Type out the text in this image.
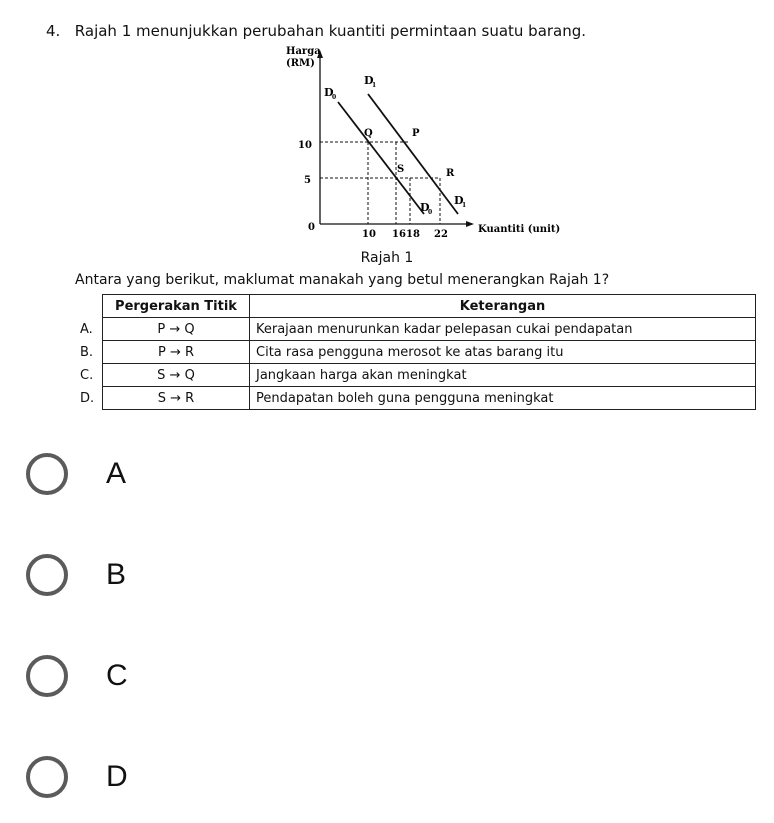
4. Rajah 1 menunjukkan perubahan kuantiti permintaan suatu barang.
Harga
(RM)
Kuantiti (unit)
0
10
5
10 16 18 22
D
0
D
1
D
0
D
1
Q	P
S	R
Rajah 1
Antara yang berikut, maklumat manakah yang betul menerangkan Rajah 1?
	Pergerakan Titik	Keterangan
A.	P → Q	Kerajaan menurunkan kadar pelepasan cukai pendapatan
B.	P → R	Cita rasa pengguna merosot ke atas barang itu
C.	S → Q	Jangkaan harga akan meningkat
D.	S → R	Pendapatan boleh guna pengguna meningkat
A
B
C
D
